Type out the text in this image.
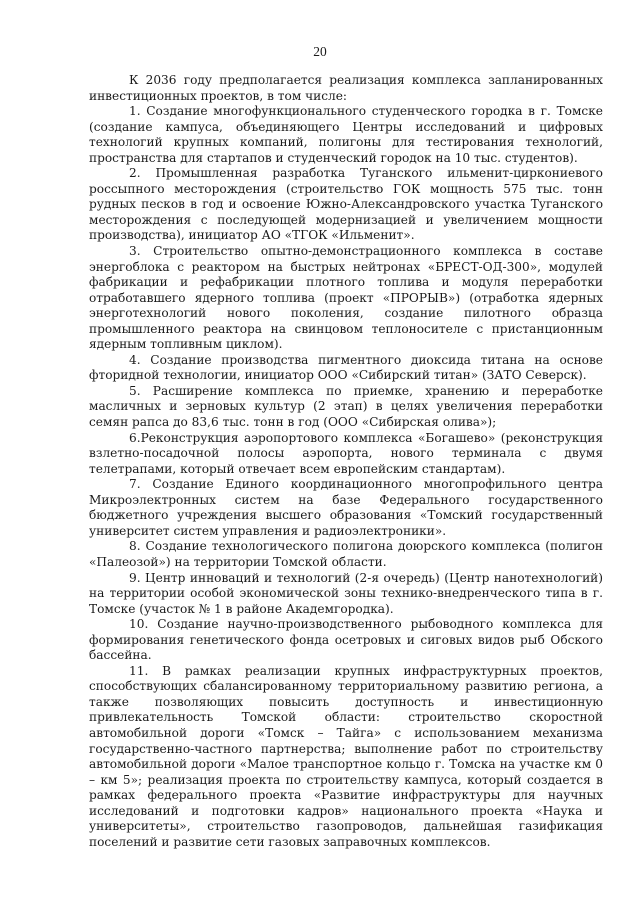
20

К 2036 году предполагается реализация комплекса запланированных инвестиционных проектов, в том числе:

1. Создание многофункционального студенческого городка в г. Томске (создание кампуса, объединяющего Центры исследований и цифровых технологий крупных компаний, полигоны для тестирования технологий, пространства для стартапов и студенческий городок на 10 тыс. студентов).

2. Промышленная разработка Туганского ильменит-циркониевого россыпного месторождения (строительство ГОК мощность 575 тыс. тонн рудных песков в год и освоение Южно-Александровского участка Туганского месторождения с последующей модернизацией и увеличением мощности производства), инициатор АО «ТГОК «Ильменит».

3. Строительство опытно-демонстрационного комплекса в составе энергоблока с реактором на быстрых нейтронах «БРЕСТ-ОД-300», модулей фабрикации и рефабрикации плотного топлива и модуля переработки отработавшего ядерного топлива (проект «ПРОРЫВ») (отработка ядерных энерготехнологий нового поколения, создание пилотного образца промышленного реактора на свинцовом теплоносителе с пристанционным ядерным топливным циклом).

4. Создание производства пигментного диоксида титана на основе фторидной технологии, инициатор ООО «Сибирский титан» (ЗАТО Северск).

5. Расширение комплекса по приемке, хранению и переработке масличных и зерновых культур (2 этап) в целях увеличения переработки семян рапса до 83,6 тыс. тонн в год (ООО «Сибирская олива»);

6.Реконструкция аэропортового комплекса «Богашево» (реконструкция взлетно-посадочной полосы аэропорта, нового терминала с двумя телетрапами, который отвечает всем европейским стандартам).

7. Создание Единого координационного многопрофильного центра Микроэлектронных систем на базе Федерального государственного бюджетного учреждения высшего образования «Томский государственный университет систем управления и радиоэлектроники».

8. Создание технологического полигона доюрского комплекса (полигон «Палеозой») на территории Томской области.

9. Центр инноваций и технологий (2-я очередь) (Центр нанотехнологий) на территории особой экономической зоны технико-внедренческого типа в г. Томске (участок № 1 в районе Академгородка).

10. Создание научно-производственного рыбоводного комплекса для формирования генетического фонда осетровых и сиговых видов рыб Обского бассейна.

11. В рамках реализации крупных инфраструктурных проектов, способствующих сбалансированному территориальному развитию региона, а также позволяющих повысить доступность и инвестиционную привлекательность Томской области: строительство скоростной автомобильной дороги «Томск – Тайга» с использованием механизма государственно-частного партнерства; выполнение работ по строительству автомобильной дороги «Малое транспортное кольцо г. Томска на участке км 0 – км 5»; реализация проекта по строительству кампуса, который создается в рамках федерального проекта «Развитие инфраструктуры для научных исследований и подготовки кадров» национального проекта «Наука и университеты», строительство газопроводов, дальнейшая газификация поселений и развитие сети газовых заправочных комплексов.
